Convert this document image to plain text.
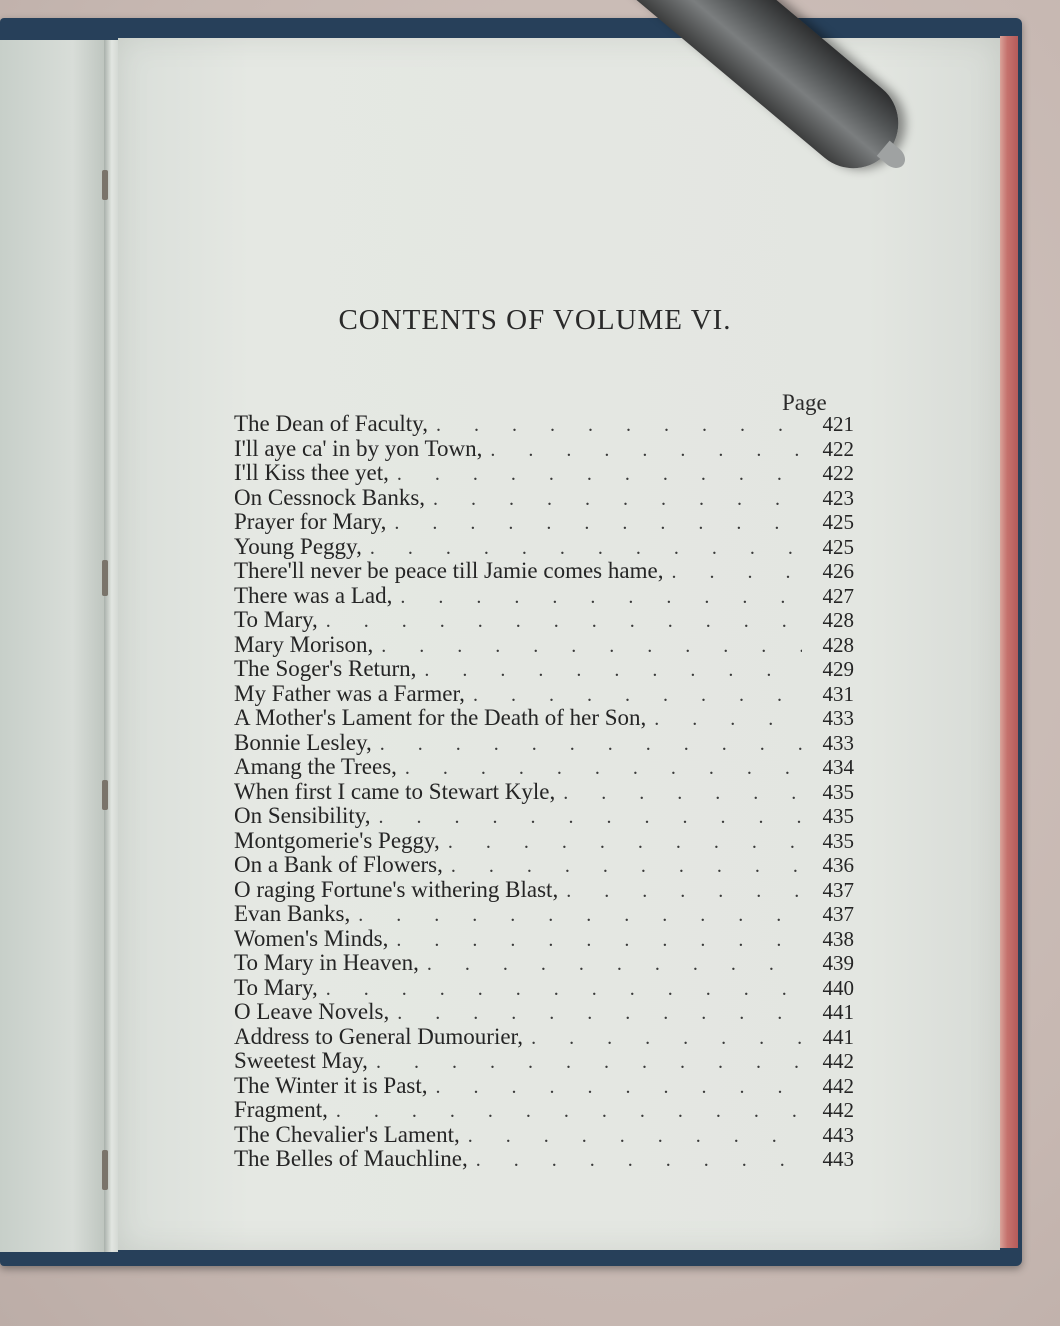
CONTENTS OF VOLUME VI.
Page
The Dean of Faculty, . . .	421
I'll aye ca' in by yon Town, . . .	422
I'll Kiss thee yet, . . .	422
On Cessnock Banks, . . .	423
Prayer for Mary, . . .	425
Young Peggy, . . .	425
There'll never be peace till Jamie comes hame, . . .	426
There was a Lad, . . .	427
To Mary, . . .	428
Mary Morison, . . .	428
The Soger's Return, . . .	429
My Father was a Farmer, . . .	431
A Mother's Lament for the Death of her Son, . . .	433
Bonnie Lesley, . . .	433
Amang the Trees, . . .	434
When first I came to Stewart Kyle, . . .	435
On Sensibility, . . .	435
Montgomerie's Peggy, . . .	435
On a Bank of Flowers, . . .	436
O raging Fortune's withering Blast, . . .	437
Evan Banks, . . .	437
Women's Minds, . . .	438
To Mary in Heaven, . . .	439
To Mary, . . .	440
O Leave Novels, . . .	441
Address to General Dumourier, . . .	441
Sweetest May, . . .	442
The Winter it is Past, . . .	442
Fragment, . . .	442
The Chevalier's Lament, . . .	443
The Belles of Mauchline, . . .	443
